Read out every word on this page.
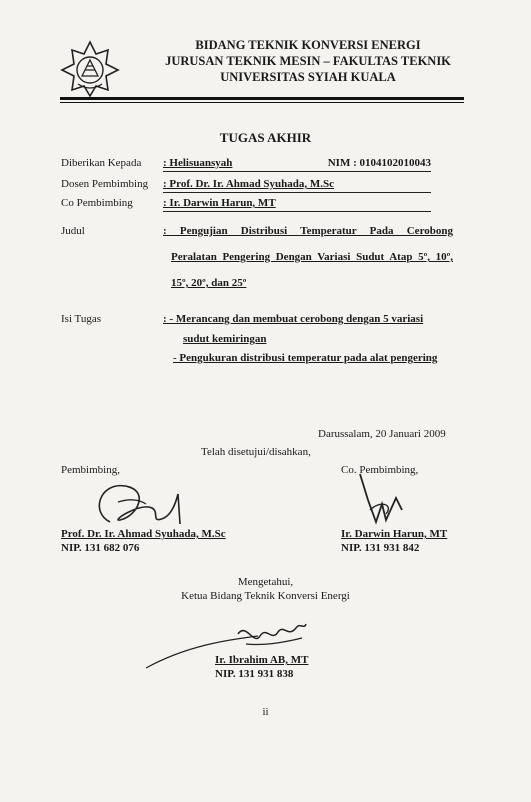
BIDANG TEKNIK KONVERSI ENERGI
JURUSAN TEKNIK MESIN – FAKULTAS TEKNIK
UNIVERSITAS SYIAH KUALA
TUGAS AKHIR
Diberikan Kepada : Helisuansyah	NIM : 0104102010043
Dosen Pembimbing : Prof. Dr. Ir. Ahmad Syuhada, M.Sc
Co Pembimbing	: Ir. Darwin Harun, MT
Judul	: Pengujian Distribusi Temperatur Pada Cerobong
Peralatan Pengering Dengan Variasi Sudut Atap 5º, 10º,
15º, 20º, dan 25º
Isi Tugas	: - Merancang dan membuat cerobong dengan 5 variasi
sudut kemiringan
- Pengukuran distribusi temperatur pada alat pengering
Darussalam, 20 Januari 2009
Telah disetujui/disahkan,
Pembimbing,
Prof. Dr. Ir. Ahmad Syuhada, M.Sc
NIP. 131 682 076
Co. Pembimbing,
Ir. Darwin Harun, MT
NIP. 131 931 842
Mengetahui,
Ketua Bidang Teknik Konversi Energi
Ir. Ibrahim AB, MT
NIP. 131 931 838
ii
